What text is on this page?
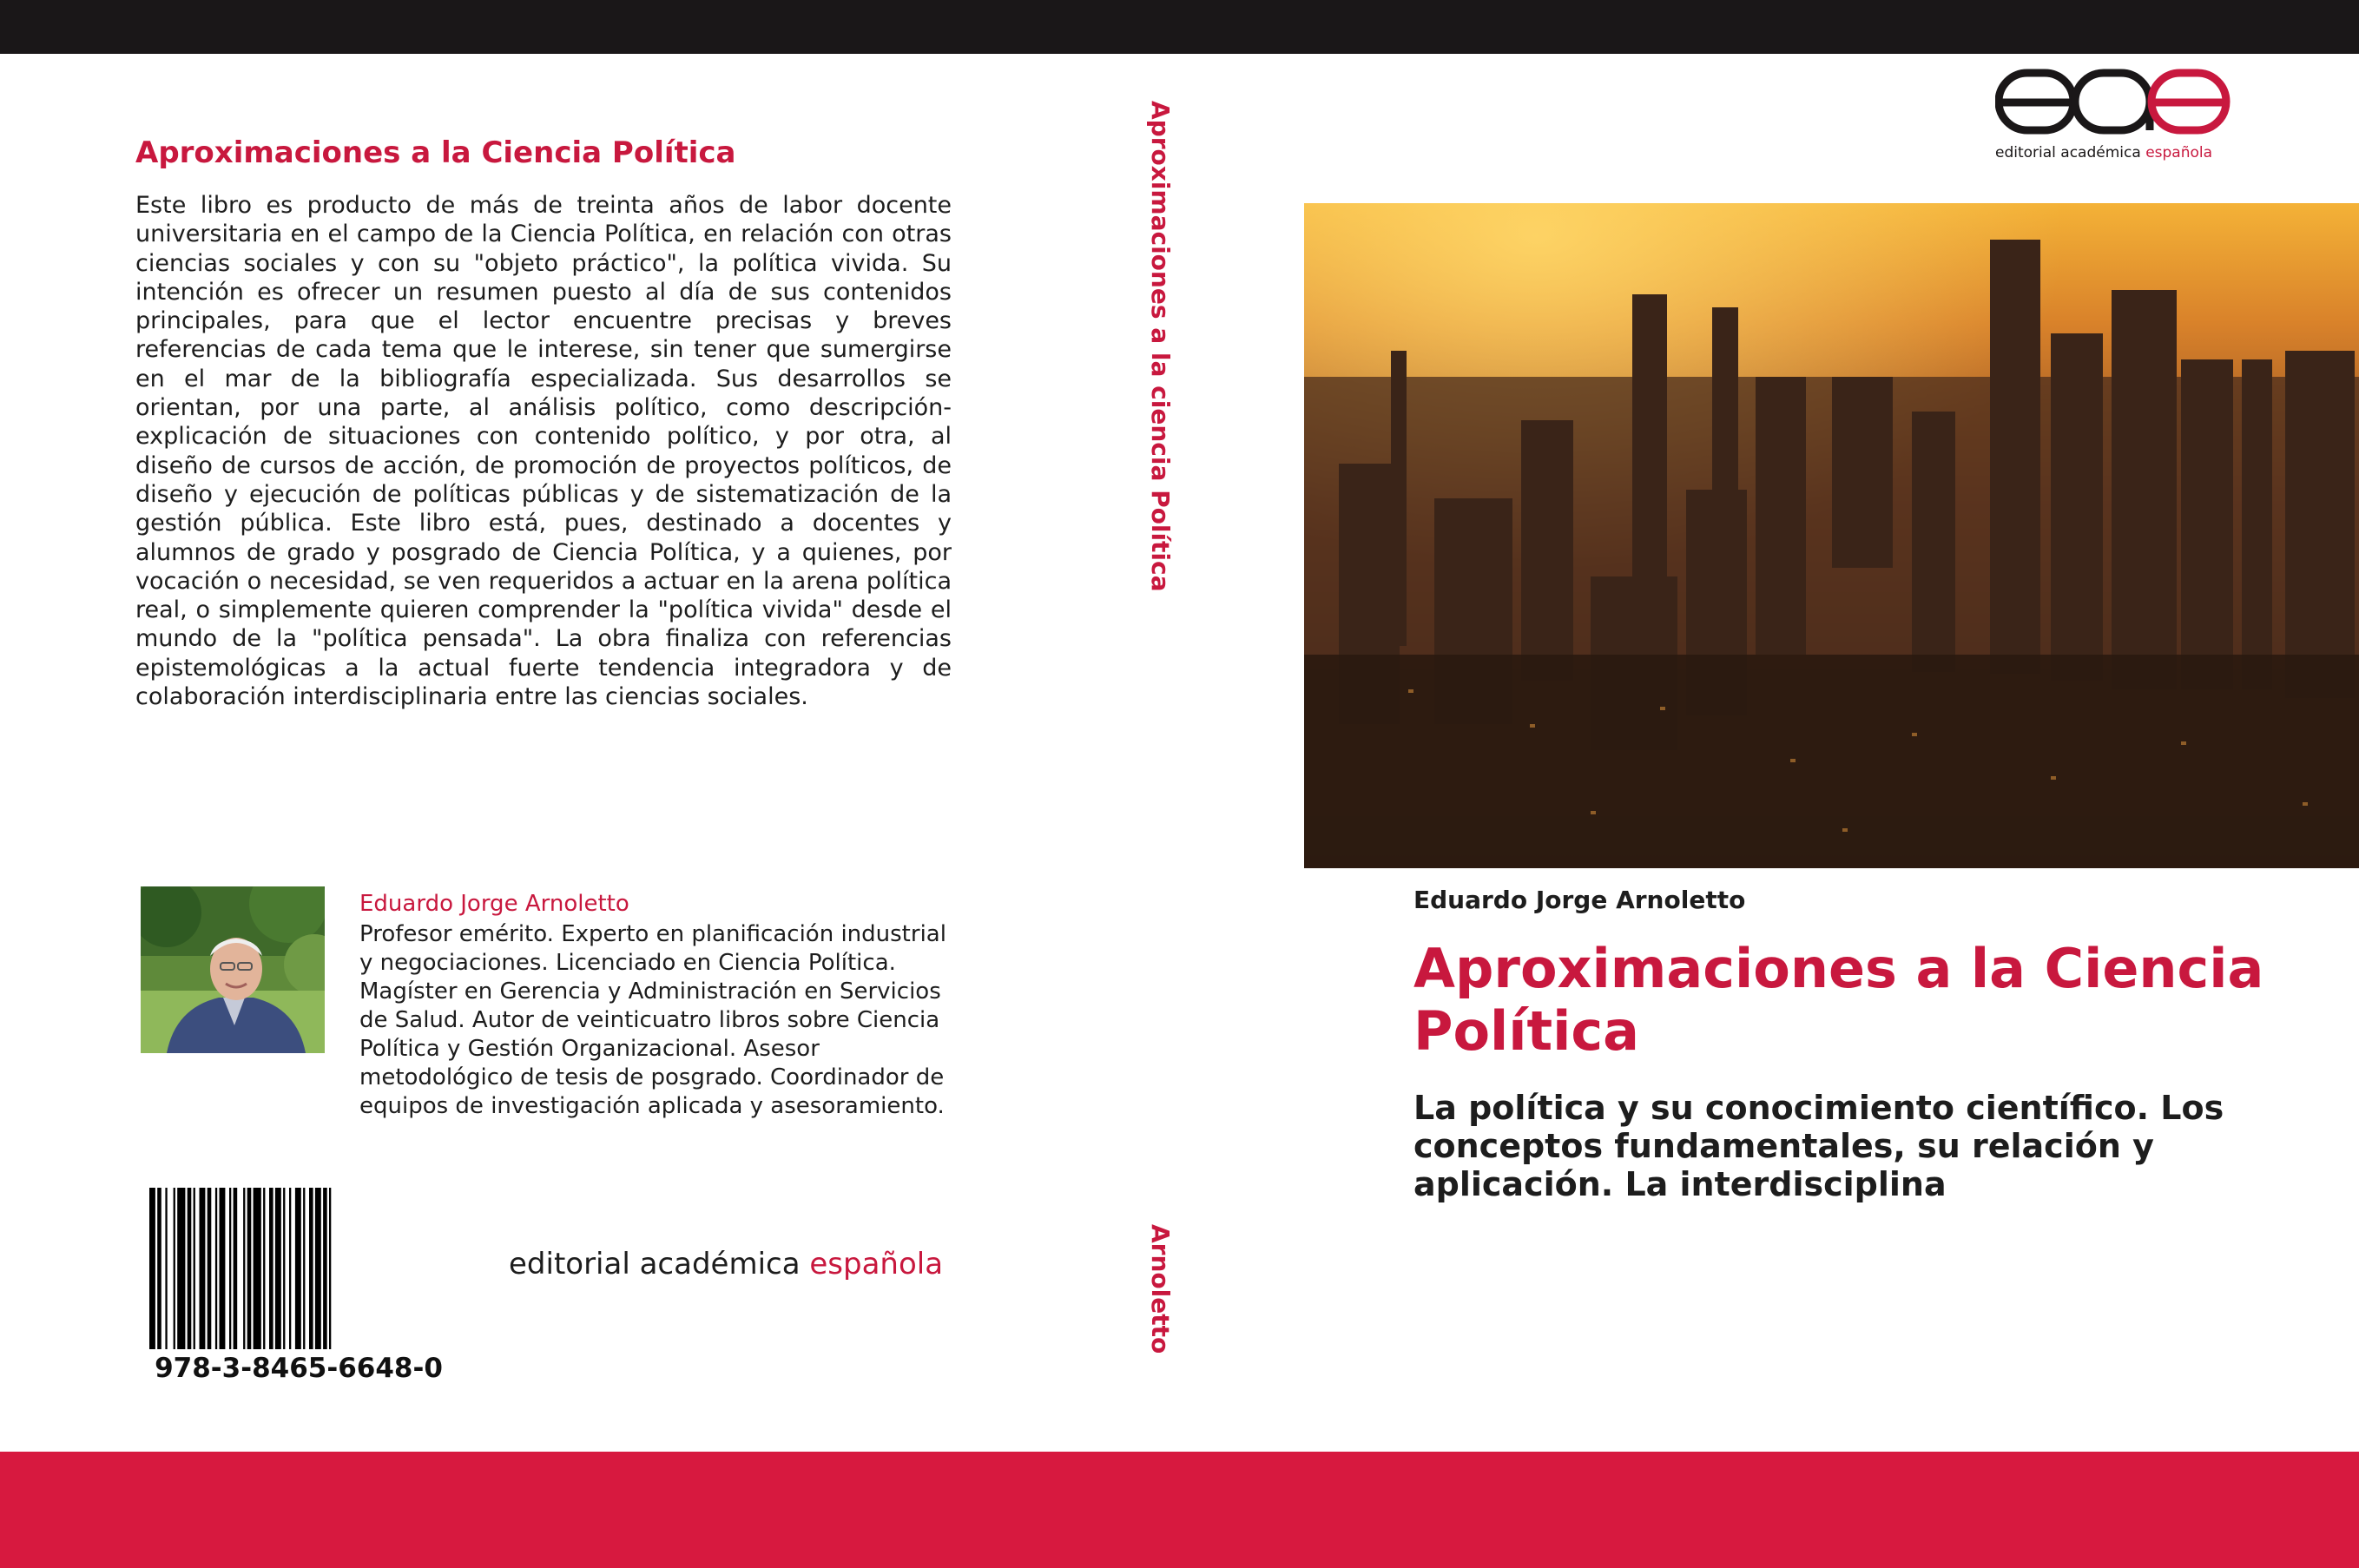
Aproximaciones a la Ciencia Política

Este libro es producto de más de treinta años de labor docente universitaria en el campo de la Ciencia Política, en relación con otras ciencias sociales y con su "objeto práctico", la política vivida. Su intención es ofrecer un resumen puesto al día de sus contenidos principales, para que el lector encuentre precisas y breves referencias de cada tema que le interese, sin tener que sumergirse en el mar de la bibliografía especializada. Sus desarrollos se orientan, por una parte, al análisis político, como descripción-explicación de situaciones con contenido político, y por otra, al diseño de cursos de acción, de promoción de proyectos políticos, de diseño y ejecución de políticas públicas y de sistematización de la gestión pública. Este libro está, pues, destinado a docentes y alumnos de grado y posgrado de Ciencia Política, y a quienes, por vocación o necesidad, se ven requeridos a actuar en la arena política real, o simplemente quieren comprender la "política vivida" desde el mundo de la "política pensada". La obra finaliza con referencias epistemológicas a la actual fuerte tendencia integradora y de colaboración interdisciplinaria entre las ciencias sociales.

Eduardo Jorge Arnoletto

Profesor emérito. Experto en planificación industrial y negociaciones. Licenciado en Ciencia Política. Magíster en Gerencia y Administración en Servicios de Salud. Autor de veinticuatro libros sobre Ciencia Política y Gestión Organizacional. Asesor metodológico de tesis de posgrado. Coordinador de equipos de investigación aplicada y asesoramiento.

978-3-8465-6648-0
editorial académica española
Aproximaciones a la ciencia Política
Arnoletto
editorial académica española
Eduardo Jorge Arnoletto
Aproximaciones a la Ciencia Política

La política y su conocimiento científico. Los conceptos fundamentales, su relación y aplicación. La interdisciplina
